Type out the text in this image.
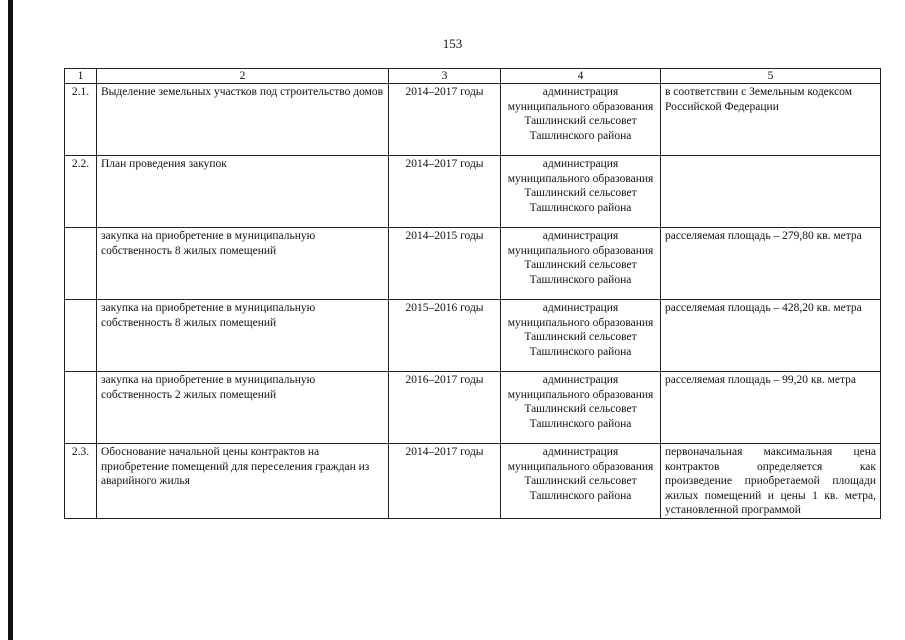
153
1	2	3	4	5
2.1.	Выделение земельных участков под строительство домов	2014–2017 годы	администрация муниципального образования Ташлинский сельсовет Ташлинского района	в соответствии с Земельным кодексом Российской Федерации
2.2.	План проведения закупок	2014–2017 годы	администрация муниципального образования Ташлинский сельсовет Ташлинского района	
	закупка на приобретение в муниципальную собственность 8 жилых помещений	2014–2015 годы	администрация муниципального образования Ташлинский сельсовет Ташлинского района	расселяемая площадь – 279,80 кв. метра
	закупка на приобретение в муниципальную собственность 8 жилых помещений	2015–2016 годы	администрация муниципального образования Ташлинский сельсовет Ташлинского района	расселяемая площадь – 428,20 кв. метра
	закупка на приобретение в муниципальную собственность 2 жилых помещений	2016–2017 годы	администрация муниципального образования Ташлинский сельсовет Ташлинского района	расселяемая площадь – 99,20 кв. метра
2.3.	Обоснование начальной цены контрактов на приобретение помещений для переселения граждан из аварийного жилья	2014–2017 годы	администрация муниципального образования Ташлинский сельсовет Ташлинского района	первоначальная максимальная цена контрактов определяется как произведение приобретаемой площади жилых помещений и цены 1 кв. метра, установленной программой
